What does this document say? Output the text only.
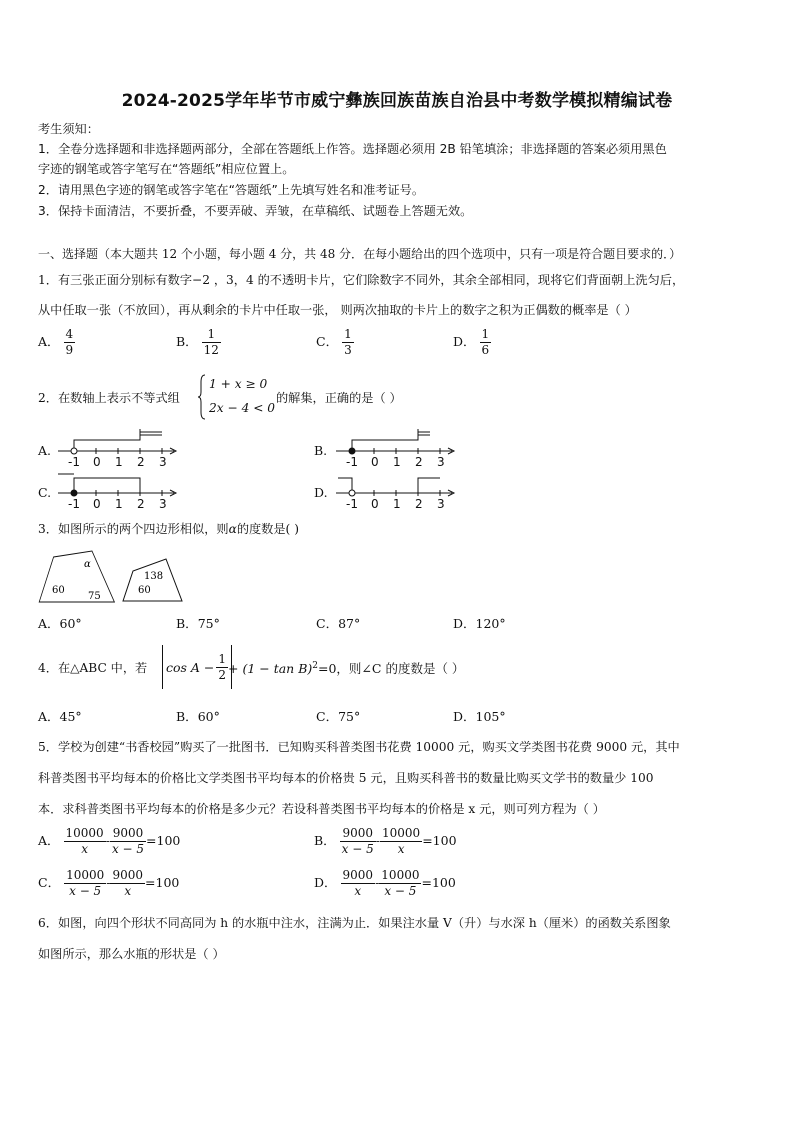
2024-2025学年毕节市威宁彝族回族苗族自治县中考数学模拟精编试卷
考生须知：
1．全卷分选择题和非选择题两部分，全部在答题纸上作答。选择题必须用 2B 铅笔填涂；非选择题的答案必须用黑色
字迹的钢笔或答字笔写在“答题纸”相应位置上。
2．请用黑色字迹的钢笔或答字笔在“答题纸”上先填写姓名和准考证号。
3．保持卡面清洁，不要折叠，不要弄破、弄皱，在草稿纸、试题卷上答题无效。
一、选择题（本大题共 12 个小题，每小题 4 分，共 48 分．在每小题给出的四个选项中，只有一项是符合题目要求的．）
1．有三张正面分别标有数字−2 ，3，4 的不透明卡片，它们除数字不同外，其余全部相同，现将它们背面朝上洗匀后，
从中任取一张（不放回），再从剩余的卡片中任取一张， 则两次抽取的卡片上的数字之积为正偶数的概率是（ ）
A． $\frac{4}{9}$	B． $\frac{1}{12}$	C． $\frac{1}{3}$	D． $\frac{1}{6}$
2．在数轴上表示不等式组
1 + x ≥ 0
2x − 4 < 0
的解集，正确的是（ ）
A.	B.
C.	D.
-1 0 1 2 3	-1 0 1 2 3
-1 0 1 2 3	-1 0 1 2 3
3．如图所示的两个四边形相似，则α的度数是( )
α
60
75
138
60
A．60°	B．75°	C．87°	D．120°
4．在△ABC 中，若 $\cos A - \frac{1}{2} + (1 - \tan B)^2=0$，则∠C 的度数是（ ）
A．45°	B．60°	C．75°	D．105°
5．学校为创建“书香校园”购买了一批图书．已知购买科普类图书花费 10000 元，购买文学类图书花费 9000 元，其中
科普类图书平均每本的价格比文学类图书平均每本的价格贵 5 元，且购买科普书的数量比购买文学书的数量少 100
本．求科普类图书平均每本的价格是多少元？若设科普类图书平均每本的价格是 x 元，则可列方程为（ ）
A． $\frac{10000}{x} - \frac{9000}{x - 5} =100$	B． $\frac{9000}{x - 5} - \frac{10000}{x} =100$
C． $\frac{10000}{x - 5} - \frac{9000}{x} =100$	D． $\frac{9000}{x} - \frac{10000}{x - 5} =100$
6．如图，向四个形状不同高同为 h 的水瓶中注水，注满为止．如果注水量 V（升）与水深 h（厘米）的函数关系图象
如图所示，那么水瓶的形状是（ ）
